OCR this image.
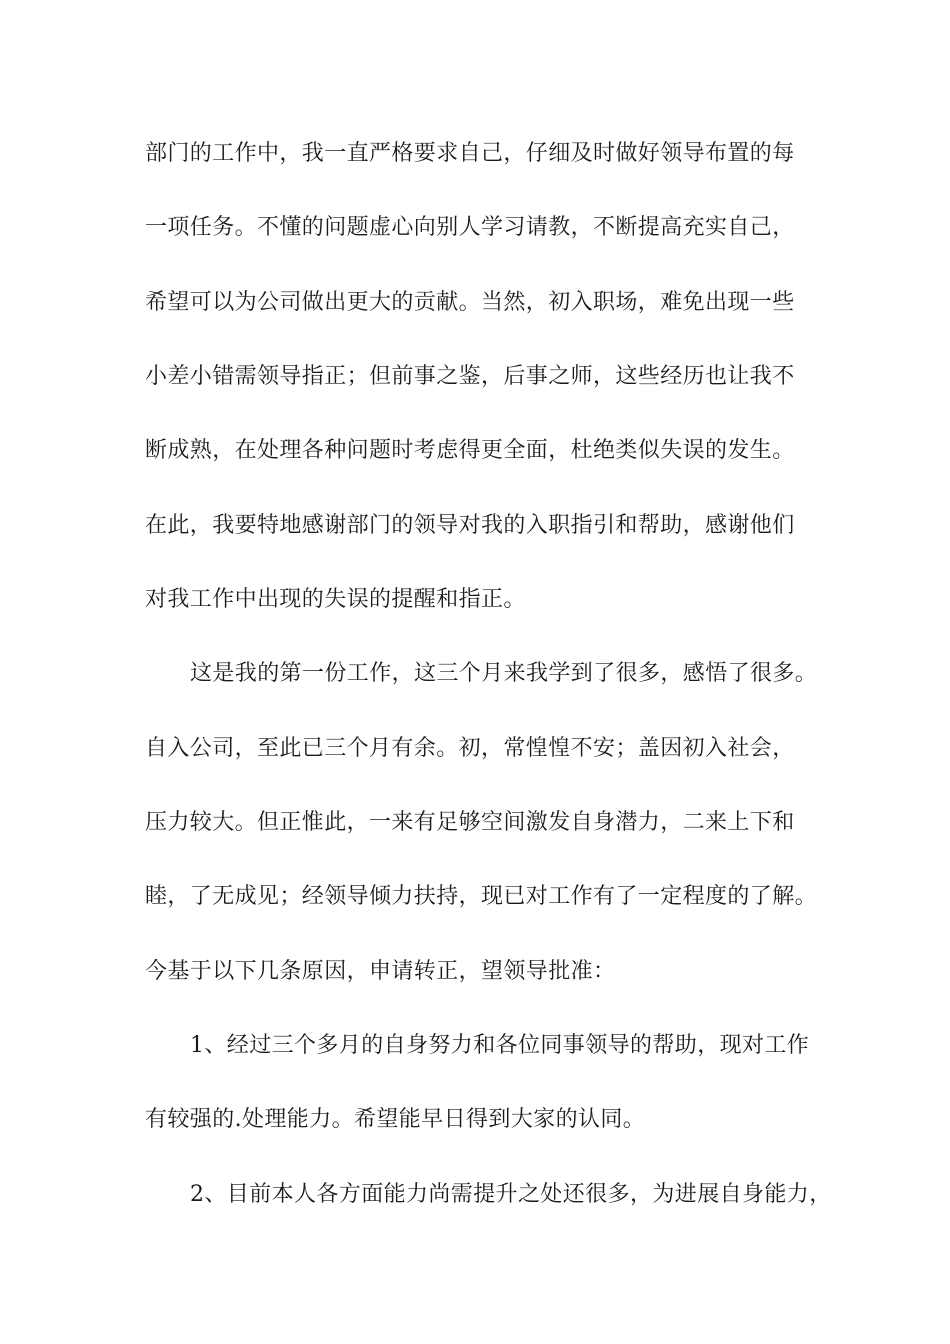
部门的工作中，我一直严格要求自己，仔细及时做好领导布置的每
一项任务。不懂的问题虚心向别人学习请教，不断提高充实自己，
希望可以为公司做出更大的贡献。当然，初入职场，难免出现一些
小差小错需领导指正；但前事之鉴，后事之师，这些经历也让我不
断成熟，在处理各种问题时考虑得更全面，杜绝类似失误的发生。
在此，我要特地感谢部门的领导对我的入职指引和帮助，感谢他们
对我工作中出现的失误的提醒和指正。
这是我的第一份工作，这三个月来我学到了很多，感悟了很多。
自入公司，至此已三个月有余。初，常惶惶不安；盖因初入社会，
压力较大。但正惟此，一来有足够空间激发自身潜力，二来上下和
睦，了无成见；经领导倾力扶持，现已对工作有了一定程度的了解。
今基于以下几条原因，申请转正，望领导批准：
1、经过三个多月的自身努力和各位同事领导的帮助，现对工作
有较强的.处理能力。希望能早日得到大家的认同。
2、目前本人各方面能力尚需提升之处还很多，为进展自身能力，
